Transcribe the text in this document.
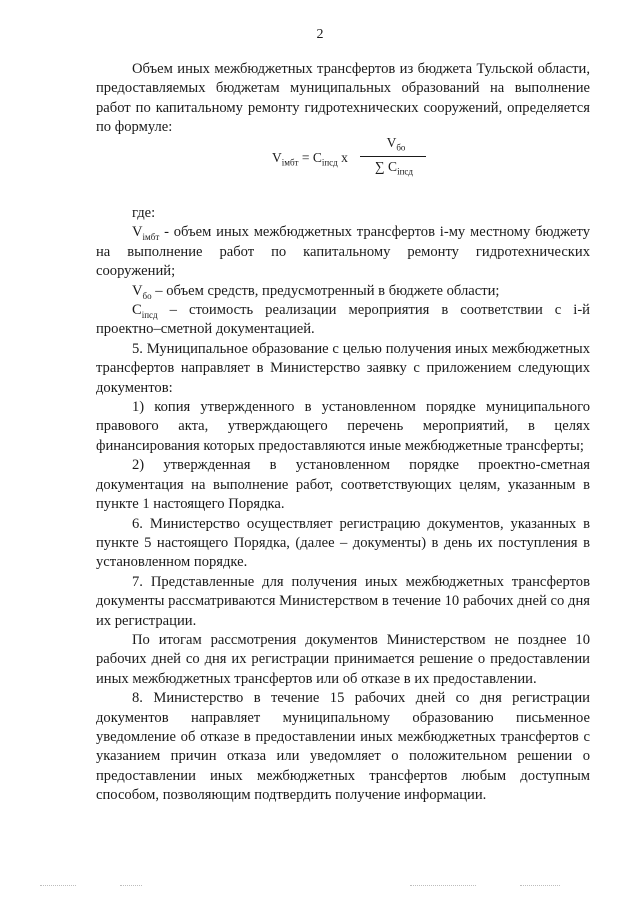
2

Объем иных межбюджетных трансфертов из бюджета Тульской области, предоставляемых бюджетам муниципальных образований на выполнение работ по капитальному ремонту гидротехнических сооружений, определяется по формуле:

$V_{iмбт} = C_{iпсд}$ x
$V_{бо}$
∑ $C_{iпсд}$

где:

$V_{iмбт}$ - объем иных межбюджетных трансфертов i-му местному бюджету на выполнение работ по капитальному ремонту гидротехнических сооружений;

$V_{бо}$ – объем средств, предусмотренный в бюджете области;

$C_{iпсд}$ – стоимость реализации мероприятия в соответствии с i-й проектно–сметной документацией.

5. Муниципальное образование с целью получения иных межбюджетных трансфертов направляет в Министерство заявку с приложением следующих документов:

1) копия утвержденного в установленном порядке муниципального правового акта, утверждающего перечень мероприятий, в целях финансирования которых предоставляются иные межбюджетные трансферты;

2) утвержденная в установленном порядке проектно-сметная документация на выполнение работ, соответствующих целям, указанным в пункте 1 настоящего Порядка.

6. Министерство осуществляет регистрацию документов, указанных в пункте 5 настоящего Порядка, (далее – документы) в день их поступления в установленном порядке.

7. Представленные для получения иных межбюджетных трансфертов документы рассматриваются Министерством в течение 10 рабочих дней со дня их регистрации.

По итогам рассмотрения документов Министерством не позднее 10 рабочих дней со дня их регистрации принимается решение о предоставлении иных межбюджетных трансфертов или об отказе в их предоставлении.

8. Министерство в течение 15 рабочих дней со дня регистрации документов направляет муниципальному образованию письменное уведомление об отказе в предоставлении иных межбюджетных трансфертов с указанием причин отказа или уведомляет о положительном решении о предоставлении иных межбюджетных трансфертов любым доступным способом, позволяющим подтвердить получение информации.
